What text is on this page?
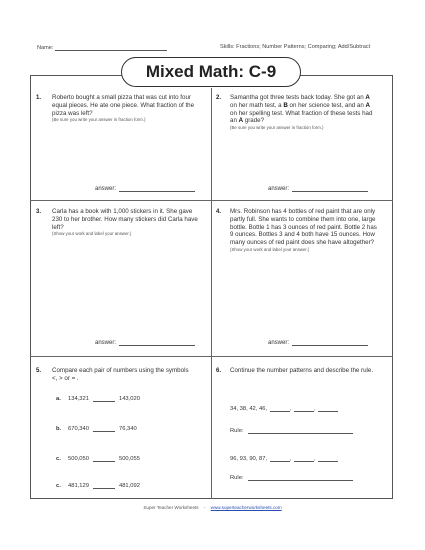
Name:	Skills: Fractions; Number Patterns; Comparing; Add/Subtract
Mixed Math: C-9
1. Roberto bought a small pizza that was cut into four equal pieces. He ate one piece. What fraction of the pizza was left?
(Be sure you write your answer in fraction form.)
answer:
2. Samantha got three tests back today. She got an A on her math test, a B on her science test, and an A on her spelling test. What fraction of these tests had an A grade?
(Be sure you write your answer in fraction form.)
answer:
3. Carla has a book with 1,000 stickers in it. She gave 230 to her brother. How many stickers did Carla have left?
(Show your work and label your answer.)
answer:
4. Mrs. Robinson has 4 bottles of red paint that are only partly full. She wants to combine them into one, large bottle. Bottle 1 has 3 ounces of red paint. Bottle 2 has 9 ounces. Bottles 3 and 4 both have 15 ounces. How many ounces of red paint does she have altogether?
(Show your work and label your answer.)
answer:
5. Compare each pair of numbers using the symbols <, > or = .
a. 134,321	143,020
b. 670,340	76,340
c. 500,050	500,055
c. 481,129	481,092
6. Continue the number patterns and describe the rule.
34, 38, 42, 46,	,	,
Rule:
96, 93, 90, 87,	,	,
Rule:
Super Teacher Worksheets - www.superteacherworksheets.com
